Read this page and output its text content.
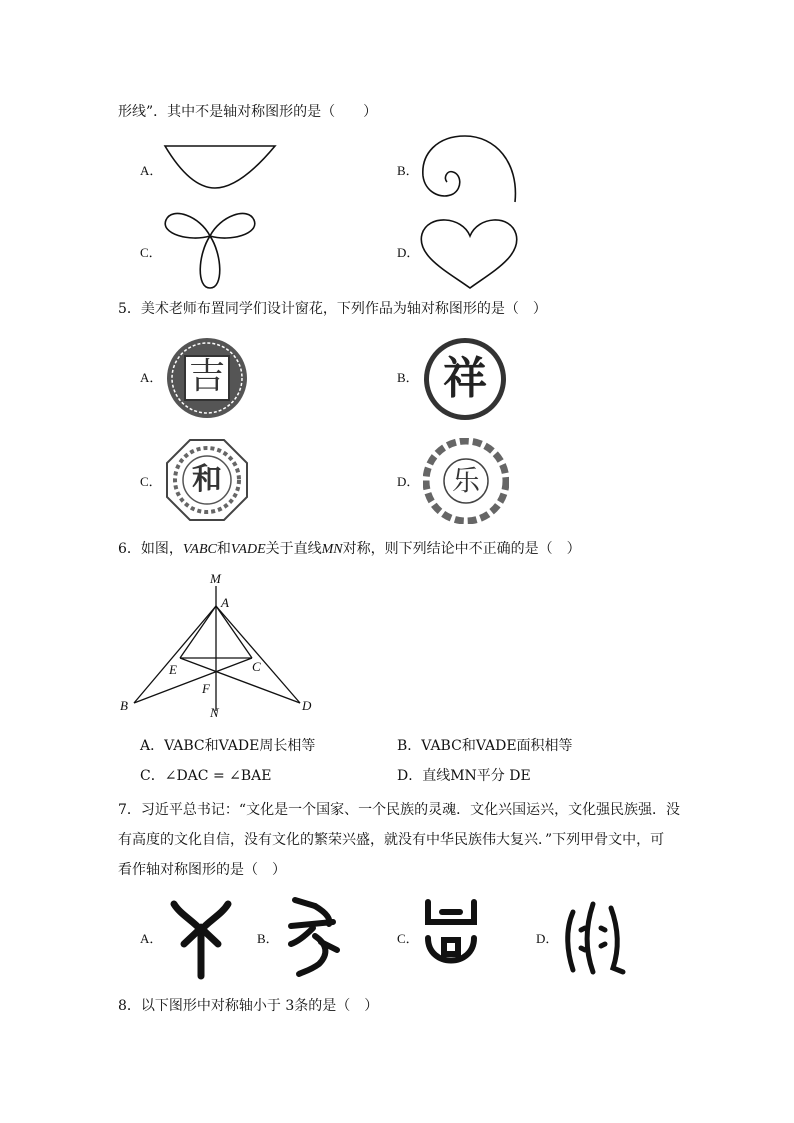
形线”．其中不是轴对称图形的是（　　）
A．	B．
C．	D．
5．美术老师布置同学们设计窗花，下列作品为轴对称图形的是（　）
A． 吉	B． 祥
C．	和	D．	乐
6．如图，VABC和VADE关于直线MN对称，则下列结论中不正确的是（　）
M
A
E	C
F
B	N	D
A．VABC和VADE周长相等	B．VABC和VADE面积相等
C．∠DAC = ∠BAE	D．直线MN平分 DE
7．习近平总书记：“文化是一个国家、一个民族的灵魂．文化兴国运兴，文化强民族强．没
有高度的文化自信，没有文化的繁荣兴盛，就没有中华民族伟大复兴．”下列甲骨文中，可
看作轴对称图形的是（　）
A．	B．	C．	D．
8．以下图形中对称轴小于 3条的是（　）
